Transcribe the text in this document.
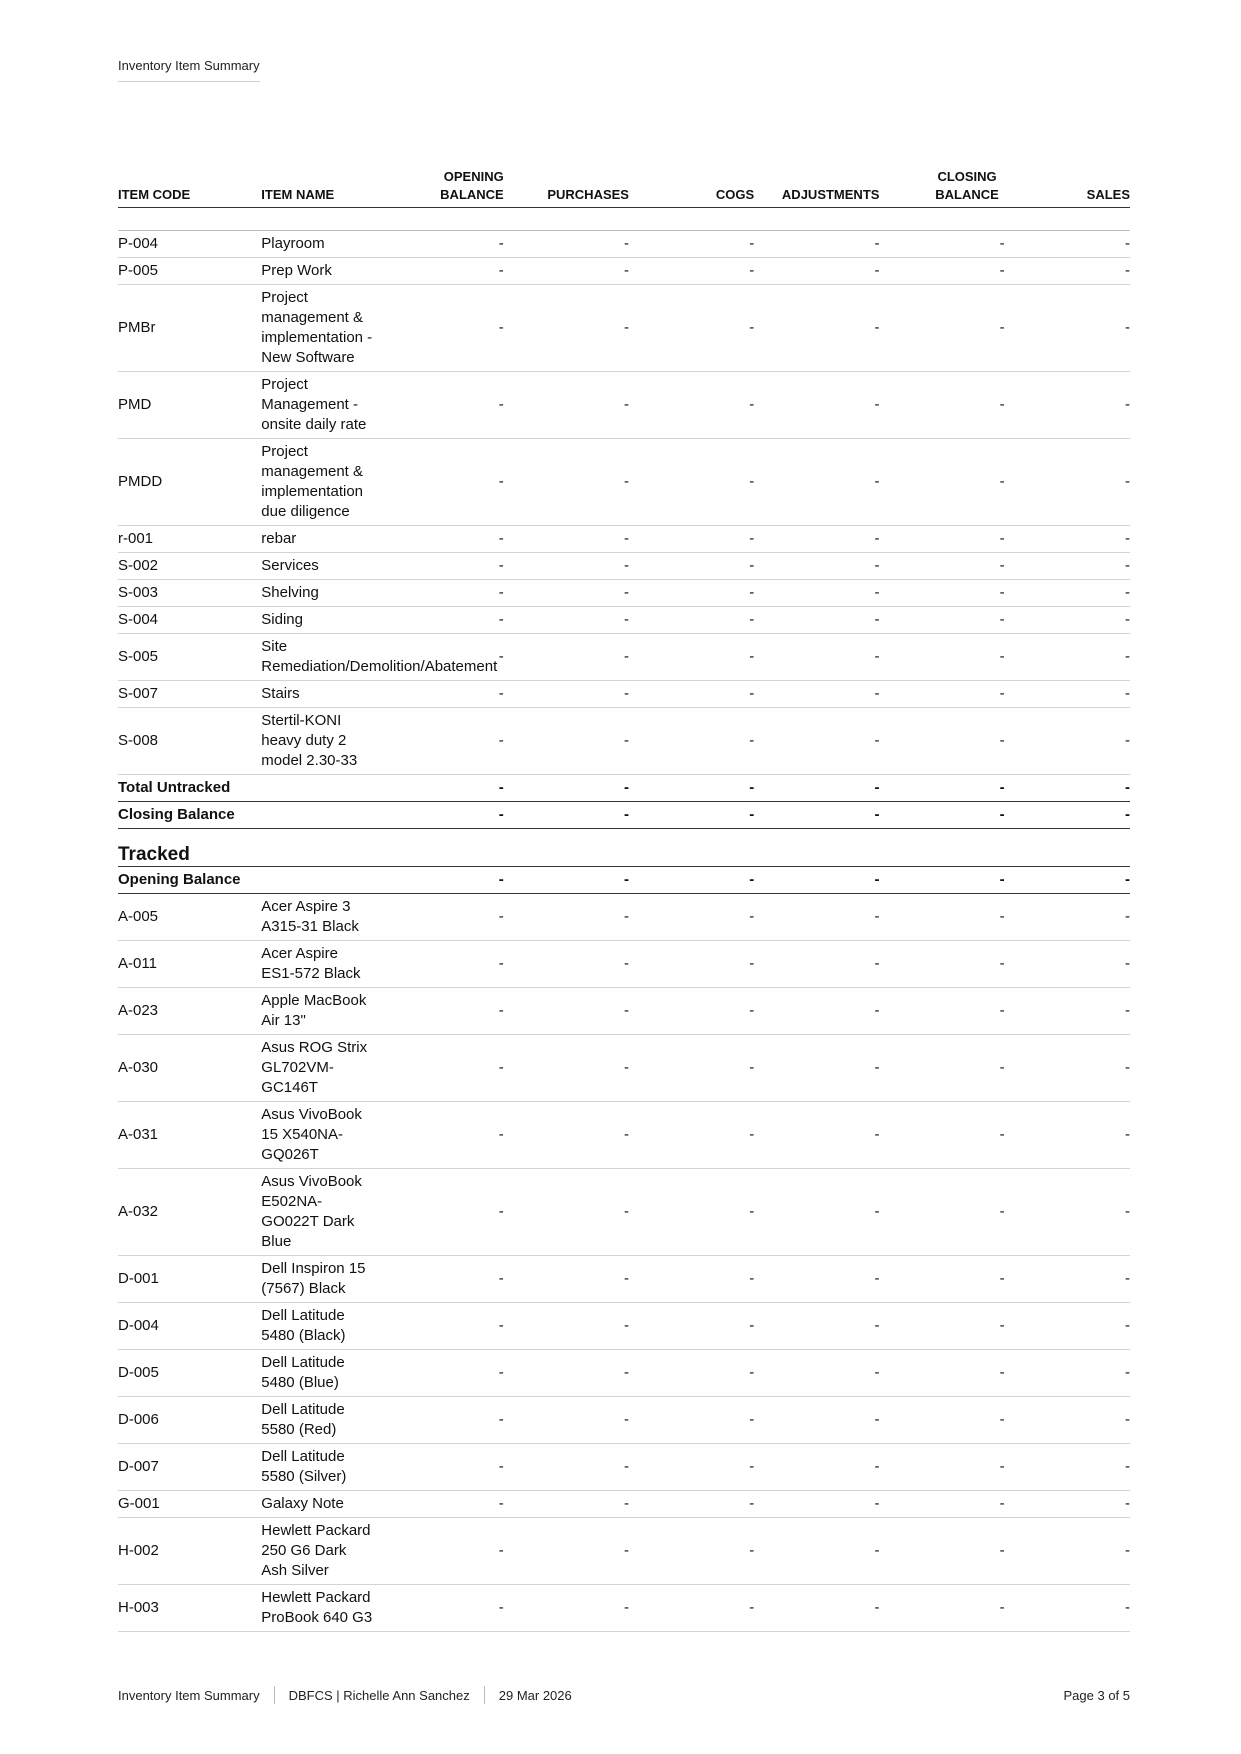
Inventory Item Summary
ITEM CODE	ITEM NAME	OPENING BALANCE	PURCHASES	COGS	ADJUSTMENTS	CLOSING BALANCE	SALES

P-004	Playroom	-	-	-	-	-	-
P-005	Prep Work	-	-	-	-	-	-
PMBr	Project management & implementation - New Software	-	-	-	-	-	-
PMD	Project Management - onsite daily rate	-	-	-	-	-	-
PMDD	Project management & implementation due diligence	-	-	-	-	-	-
r-001	rebar	-	-	-	-	-	-
S-002	Services	-	-	-	-	-	-
S-003	Shelving	-	-	-	-	-	-
S-004	Siding	-	-	-	-	-	-
S-005	Site Remediation/Demolition/Abatement	-	-	-	-	-	-
S-007	Stairs	-	-	-	-	-	-
S-008	Stertil-KONI heavy duty 2 model 2.30-33	-	-	-	-	-	-
Total Untracked		-	-	-	-	-	-
Closing Balance		-	-	-	-	-	-

Tracked							
Opening Balance		-	-	-	-	-	-
A-005	Acer Aspire 3 A315-31 Black	-	-	-	-	-	-
A-011	Acer Aspire ES1-572 Black	-	-	-	-	-	-
A-023	Apple MacBook Air 13"	-	-	-	-	-	-
A-030	Asus ROG Strix GL702VM-GC146T	-	-	-	-	-	-
A-031	Asus VivoBook 15 X540NA-GQ026T	-	-	-	-	-	-
A-032	Asus VivoBook E502NA-GO022T Dark Blue	-	-	-	-	-	-
D-001	Dell Inspiron 15 (7567) Black	-	-	-	-	-	-
D-004	Dell Latitude 5480 (Black)	-	-	-	-	-	-
D-005	Dell Latitude 5480 (Blue)	-	-	-	-	-	-
D-006	Dell Latitude 5580 (Red)	-	-	-	-	-	-
D-007	Dell Latitude 5580 (Silver)	-	-	-	-	-	-
G-001	Galaxy Note	-	-	-	-	-	-
H-002	Hewlett Packard 250 G6 Dark Ash Silver	-	-	-	-	-	-
H-003	Hewlett Packard ProBook 640 G3	-	-	-	-	-	-
Inventory Item Summary DBFCS | Richelle Ann Sanchez 29 Mar 2026	Page 3 of 5
